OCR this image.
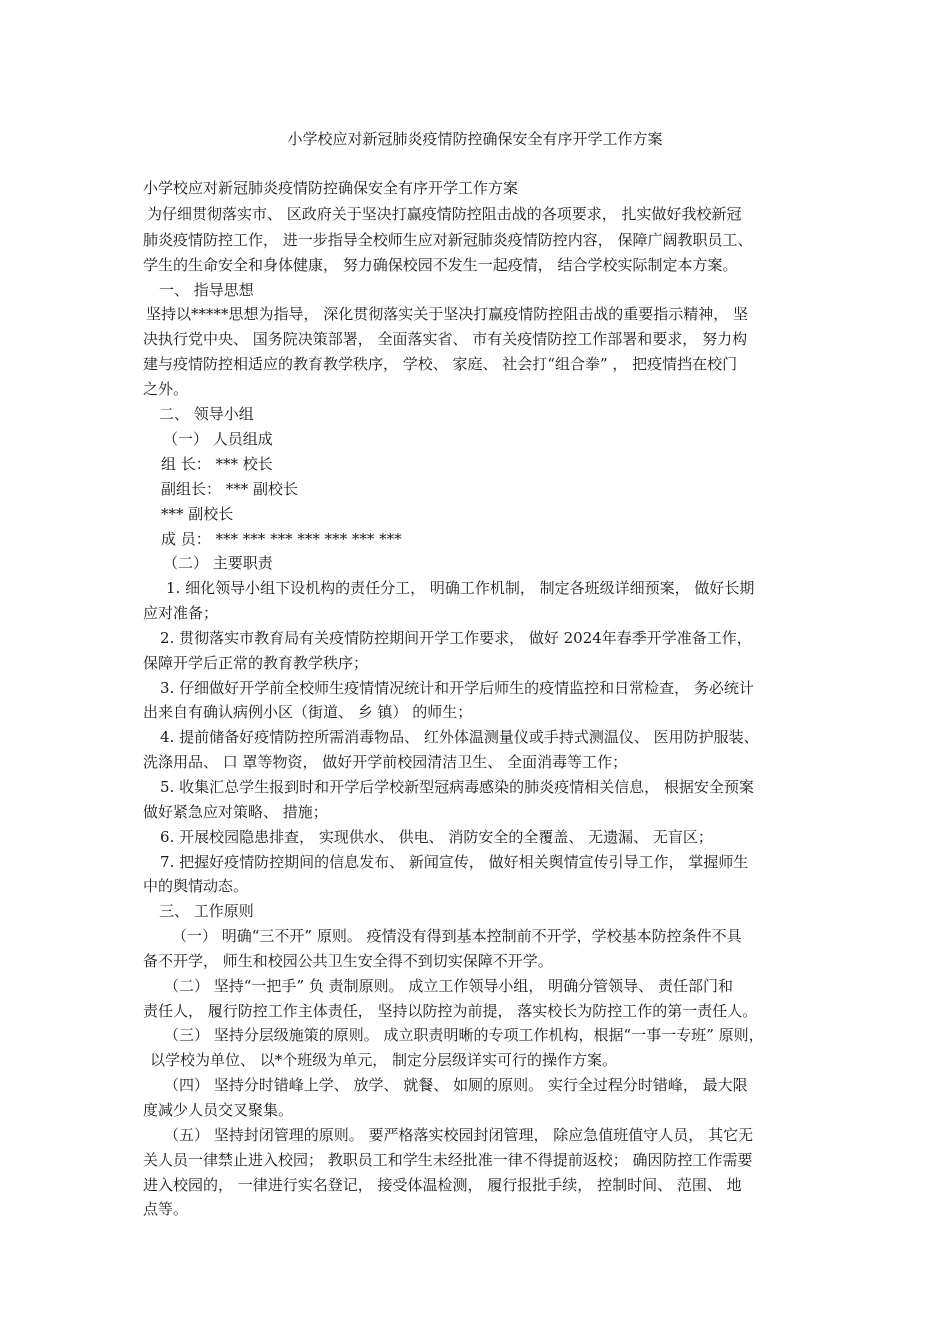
小学校应对新冠肺炎疫情防控确保安全有序开学工作方案
小学校应对新冠肺炎疫情防控确保安全有序开学工作方案
为仔细贯彻落实市、 区政府关于坚决打赢疫情防控阻击战的各项要求， 扎实做好我校新冠
肺炎疫情防控工作， 进一步指导全校师生应对新冠肺炎疫情防控内容， 保障广阔教职员工、
学生的生命安全和身体健康， 努力确保校园不发生一起疫情， 结合学校实际制定本方案。
一、 指导思想
坚持以*****思想为指导， 深化贯彻落实关于坚决打赢疫情防控阻击战的重要指示精神， 坚
决执行党中央、 国务院决策部署， 全面落实省、 市有关疫情防控工作部署和要求， 努力构
建与疫情防控相适应的教育教学秩序， 学校、 家庭、 社会打“组合拳” ， 把疫情挡在校门
之外。
二、 领导小组
（一） 人员组成
组 长： *** 校长
副组长： *** 副校长
*** 副校长
成 员： *** *** *** *** *** *** ***
（二） 主要职责
1. 细化领导小组下设机构的责任分工， 明确工作机制， 制定各班级详细预案， 做好长期
应对准备；
2. 贯彻落实市教育局有关疫情防控期间开学工作要求， 做好 2024年春季开学准备工作，
保障开学后正常的教育教学秩序；
3. 仔细做好开学前全校师生疫情情况统计和开学后师生的疫情监控和日常检查， 务必统计
出来自有确认病例小区（街道、 乡 镇） 的师生；
4. 提前储备好疫情防控所需消毒物品、 红外体温测量仪或手持式测温仪、 医用防护服装、
洗涤用品、 口 罩等物资， 做好开学前校园清洁卫生、 全面消毒等工作；
5. 收集汇总学生报到时和开学后学校新型冠病毒感染的肺炎疫情相关信息， 根据安全预案
做好紧急应对策略、 措施；
6. 开展校园隐患排查， 实现供水、 供电、 消防安全的全覆盖、 无遗漏、 无盲区；
7. 把握好疫情防控期间的信息发布、 新闻宣传， 做好相关舆情宣传引导工作， 掌握师生
中的舆情动态。
三、 工作原则
（一） 明确“三不开” 原则。 疫情没有得到基本控制前不开学，学校基本防控条件不具
备不开学， 师生和校园公共卫生安全得不到切实保障不开学。
（二） 坚持“一把手” 负 责制原则。 成立工作领导小组， 明确分管领导、 责任部门和
责任人， 履行防控工作主体责任， 坚持以防控为前提， 落实校长为防控工作的第一责任人。
（三） 坚持分层级施策的原则。 成立职责明晰的专项工作机构，根据“一事一专班” 原则，
以学校为单位、 以*个班级为单元， 制定分层级详实可行的操作方案。
（四） 坚持分时错峰上学、 放学、 就餐、 如厕的原则。 实行全过程分时错峰， 最大限
度减少人员交叉聚集。
（五） 坚持封闭管理的原则。 要严格落实校园封闭管理， 除应急值班值守人员， 其它无
关人员一律禁止进入校园； 教职员工和学生未经批准一律不得提前返校； 确因防控工作需要
进入校园的， 一律进行实名登记， 接受体温检测， 履行报批手续， 控制时间、 范围、 地
点等。
